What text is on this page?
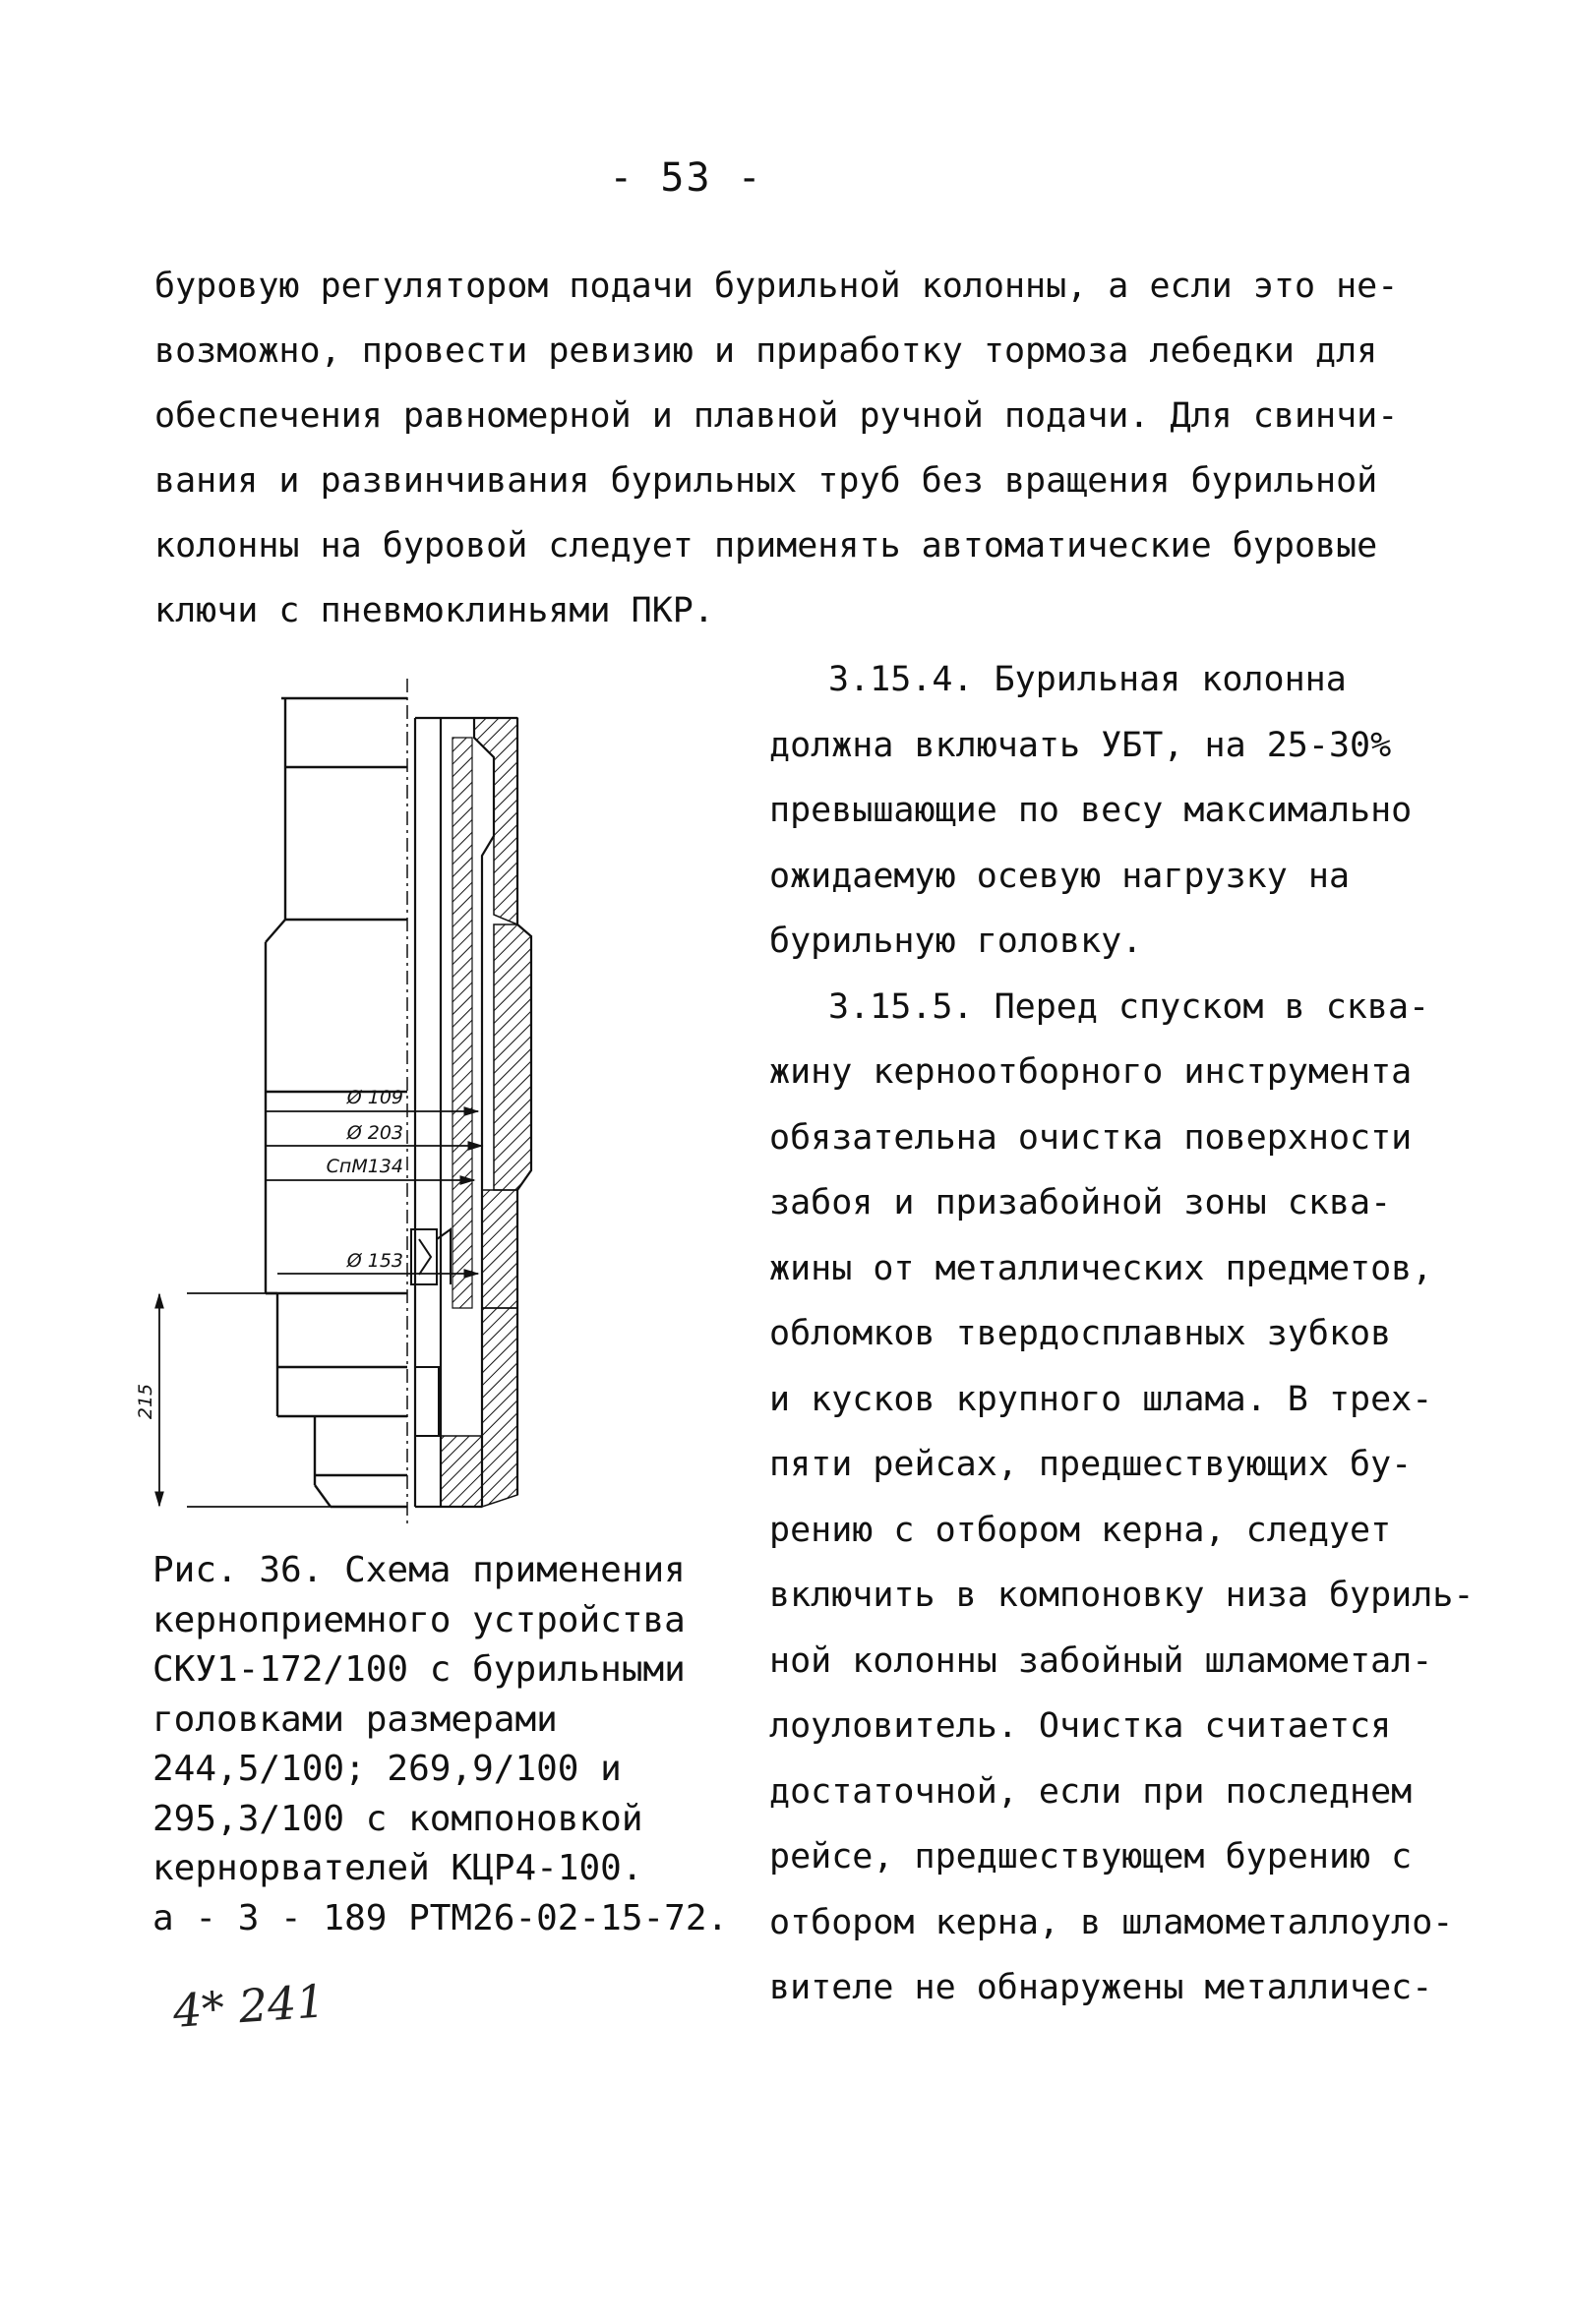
- 53 -
буровую регулятором подачи бурильной колонны, а если это не-
возможно, провести ревизию и приработку тормоза лебедки для
обеспечения равномерной и плавной ручной подачи. Для свинчи-
вания и развинчивания бурильных труб без вращения бурильной
колонны на буровой следует применять автоматические буровые
ключи с пневмоклиньями ПКР.
Ø 109
Ø 203
СпМ134
Ø 153
215
Рис. 36. Схема применения
керноприемного устройства
СКУ1-172/100 с бурильными
головками размерами
244,5/100; 269,9/100 и
295,3/100 с компоновкой
кернорвателей КЦР4-100.
а - 3 - 189 РТМ26-02-15-72.
4* 241
3.15.4. Бурильная колонна
должна включать УБТ, на 25-30%
превышающие по весу максимально
ожидаемую осевую нагрузку на
бурильную головку.
3.15.5. Перед спуском в сква-
жину керноотборного инструмента
обязательна очистка поверхности
забоя и призабойной зоны сква-
жины от металлических предметов,
обломков твердосплавных зубков
и кусков крупного шлама. В трех-
пяти рейсах, предшествующих бу-
рению с отбором керна, следует
включить в компоновку низа буриль-
ной колонны забойный шламометал-
лоуловитель. Очистка считается
достаточной, если при последнем
рейсе, предшествующем бурению с
отбором керна, в шламометаллоуло-
вителе не обнаружены металличес-
